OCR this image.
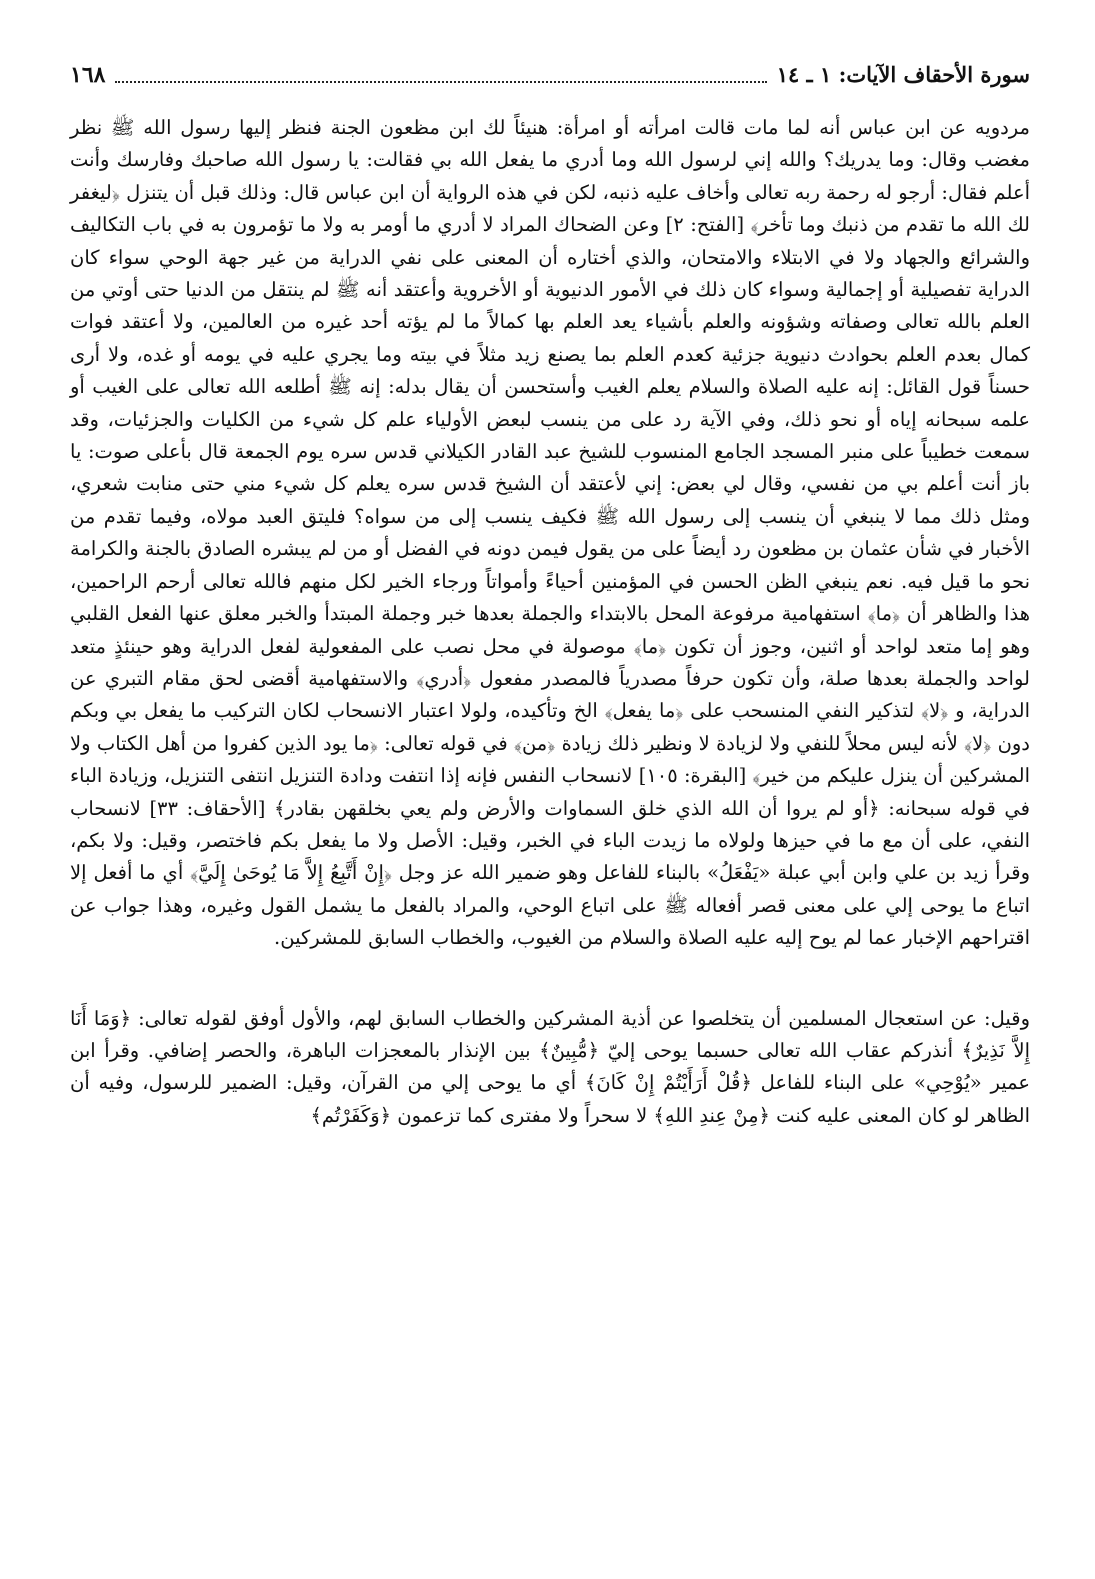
١٦٨	سورة الأحقاف الآيات: ١ ـ ١٤

مردويه عن ابن عباس أنه لما مات قالت امرأته أو امرأة: هنيئاً لك ابن مظعون الجنة فنظر إليها رسول الله ﷺ نظر مغضب وقال: وما يدريك؟ والله إني لرسول الله وما أدري ما يفعل الله بي فقالت: يا رسول الله صاحبك وفارسك وأنت أعلم فقال: أرجو له رحمة ربه تعالى وأخاف عليه ذنبه، لكن في هذه الرواية أن ابن عباس قال: وذلك قبل أن يتنزل ﴿ليغفر لك الله ما تقدم من ذنبك وما تأخر﴾ [الفتح: ٢] وعن الضحاك المراد لا أدري ما أومر به ولا ما تؤمرون به في باب التكاليف والشرائع والجهاد ولا في الابتلاء والامتحان، والذي أختاره أن المعنى على نفي الدراية من غير جهة الوحي سواء كان الدراية تفصيلية أو إجمالية وسواء كان ذلك في الأمور الدنيوية أو الأخروية وأعتقد أنه ﷺ لم ينتقل من الدنيا حتى أوتي من العلم بالله تعالى وصفاته وشؤونه والعلم بأشياء يعد العلم بها كمالاً ما لم يؤته أحد غيره من العالمين، ولا أعتقد فوات كمال بعدم العلم بحوادث دنيوية جزئية كعدم العلم بما يصنع زيد مثلاً في بيته وما يجري عليه في يومه أو غده، ولا أرى حسناً قول القائل: إنه عليه الصلاة والسلام يعلم الغيب وأستحسن أن يقال بدله: إنه ﷺ أطلعه الله تعالى على الغيب أو علمه سبحانه إياه أو نحو ذلك، وفي الآية رد على من ينسب لبعض الأولياء علم كل شيء من الكليات والجزئيات، وقد سمعت خطيباً على منبر المسجد الجامع المنسوب للشيخ عبد القادر الكيلاني قدس سره يوم الجمعة قال بأعلى صوت: يا باز أنت أعلم بي من نفسي، وقال لي بعض: إني لأعتقد أن الشيخ قدس سره يعلم كل شيء مني حتى منابت شعري، ومثل ذلك مما لا ينبغي أن ينسب إلى رسول الله ﷺ فكيف ينسب إلى من سواه؟ فليتق العبد مولاه، وفيما تقدم من الأخبار في شأن عثمان بن مظعون رد أيضاً على من يقول فيمن دونه في الفضل أو من لم يبشره الصادق بالجنة والكرامة نحو ما قيل فيه. نعم ينبغي الظن الحسن في المؤمنين أحياءً وأمواتاً ورجاء الخير لكل منهم فالله تعالى أرحم الراحمين، هذا والظاهر أن ﴿ما﴾ استفهامية مرفوعة المحل بالابتداء والجملة بعدها خبر وجملة المبتدأ والخبر معلق عنها الفعل القلبي وهو إما متعد لواحد أو اثنين، وجوز أن تكون ﴿ما﴾ موصولة في محل نصب على المفعولية لفعل الدراية وهو حينئذٍ متعد لواحد والجملة بعدها صلة، وأن تكون حرفاً مصدرياً فالمصدر مفعول ﴿أدري﴾ والاستفهامية أقضى لحق مقام التبري عن الدراية، و ﴿لا﴾ لتذكير النفي المنسحب على ﴿ما يفعل﴾ الخ وتأكيده، ولولا اعتبار الانسحاب لكان التركيب ما يفعل بي وبكم دون ﴿لا﴾ لأنه ليس محلاً للنفي ولا لزيادة لا ونظير ذلك زيادة ﴿من﴾ في قوله تعالى: ﴿ما يود الذين كفروا من أهل الكتاب ولا المشركين أن ينزل عليكم من خير﴾ [البقرة: ١٠٥] لانسحاب النفس فإنه إذا انتفت ودادة التنزيل انتفى التنزيل، وزيادة الباء في قوله سبحانه: ﴿أو لم يروا أن الله الذي خلق السماوات والأرض ولم يعي بخلقهن بقادر﴾ [الأحقاف: ٣٣] لانسحاب النفي، على أن مع ما في حيزها ولولاه ما زيدت الباء في الخبر، وقيل: الأصل ولا ما يفعل بكم فاختصر، وقيل: ولا بكم، وقرأ زيد بن علي وابن أبي عبلة «يَفْعَلُ» بالبناء للفاعل وهو ضمير الله عز وجل ﴿إِنْ أَتَّبِعُ إِلاَّ مَا يُوحَىٰ إِلَيَّ﴾ أي ما أفعل إلا اتباع ما يوحى إلي على معنى قصر أفعاله ﷺ على اتباع الوحي، والمراد بالفعل ما يشمل القول وغيره، وهذا جواب عن اقتراحهم الإخبار عما لم يوح إليه عليه الصلاة والسلام من الغيوب، والخطاب السابق للمشركين.

وقيل: عن استعجال المسلمين أن يتخلصوا عن أذية المشركين والخطاب السابق لهم، والأول أوفق لقوله تعالى: ﴿وَمَا أَنَا إِلاَّ نَذِيرٌ﴾ أنذركم عقاب الله تعالى حسبما يوحى إليّ ﴿مُّبِينٌ﴾ بين الإنذار بالمعجزات الباهرة، والحصر إضافي. وقرأ ابن عمير «يُوْحِي» على البناء للفاعل ﴿قُلْ أَرَأَيْتُمْ إِنْ كَانَ﴾ أي ما يوحى إلي من القرآن، وقيل: الضمير للرسول، وفيه أن الظاهر لو كان المعنى عليه كنت ﴿مِنْ عِندِ اللهِ﴾ لا سحراً ولا مفترى كما تزعمون ﴿وَكَفَرْتُم﴾
